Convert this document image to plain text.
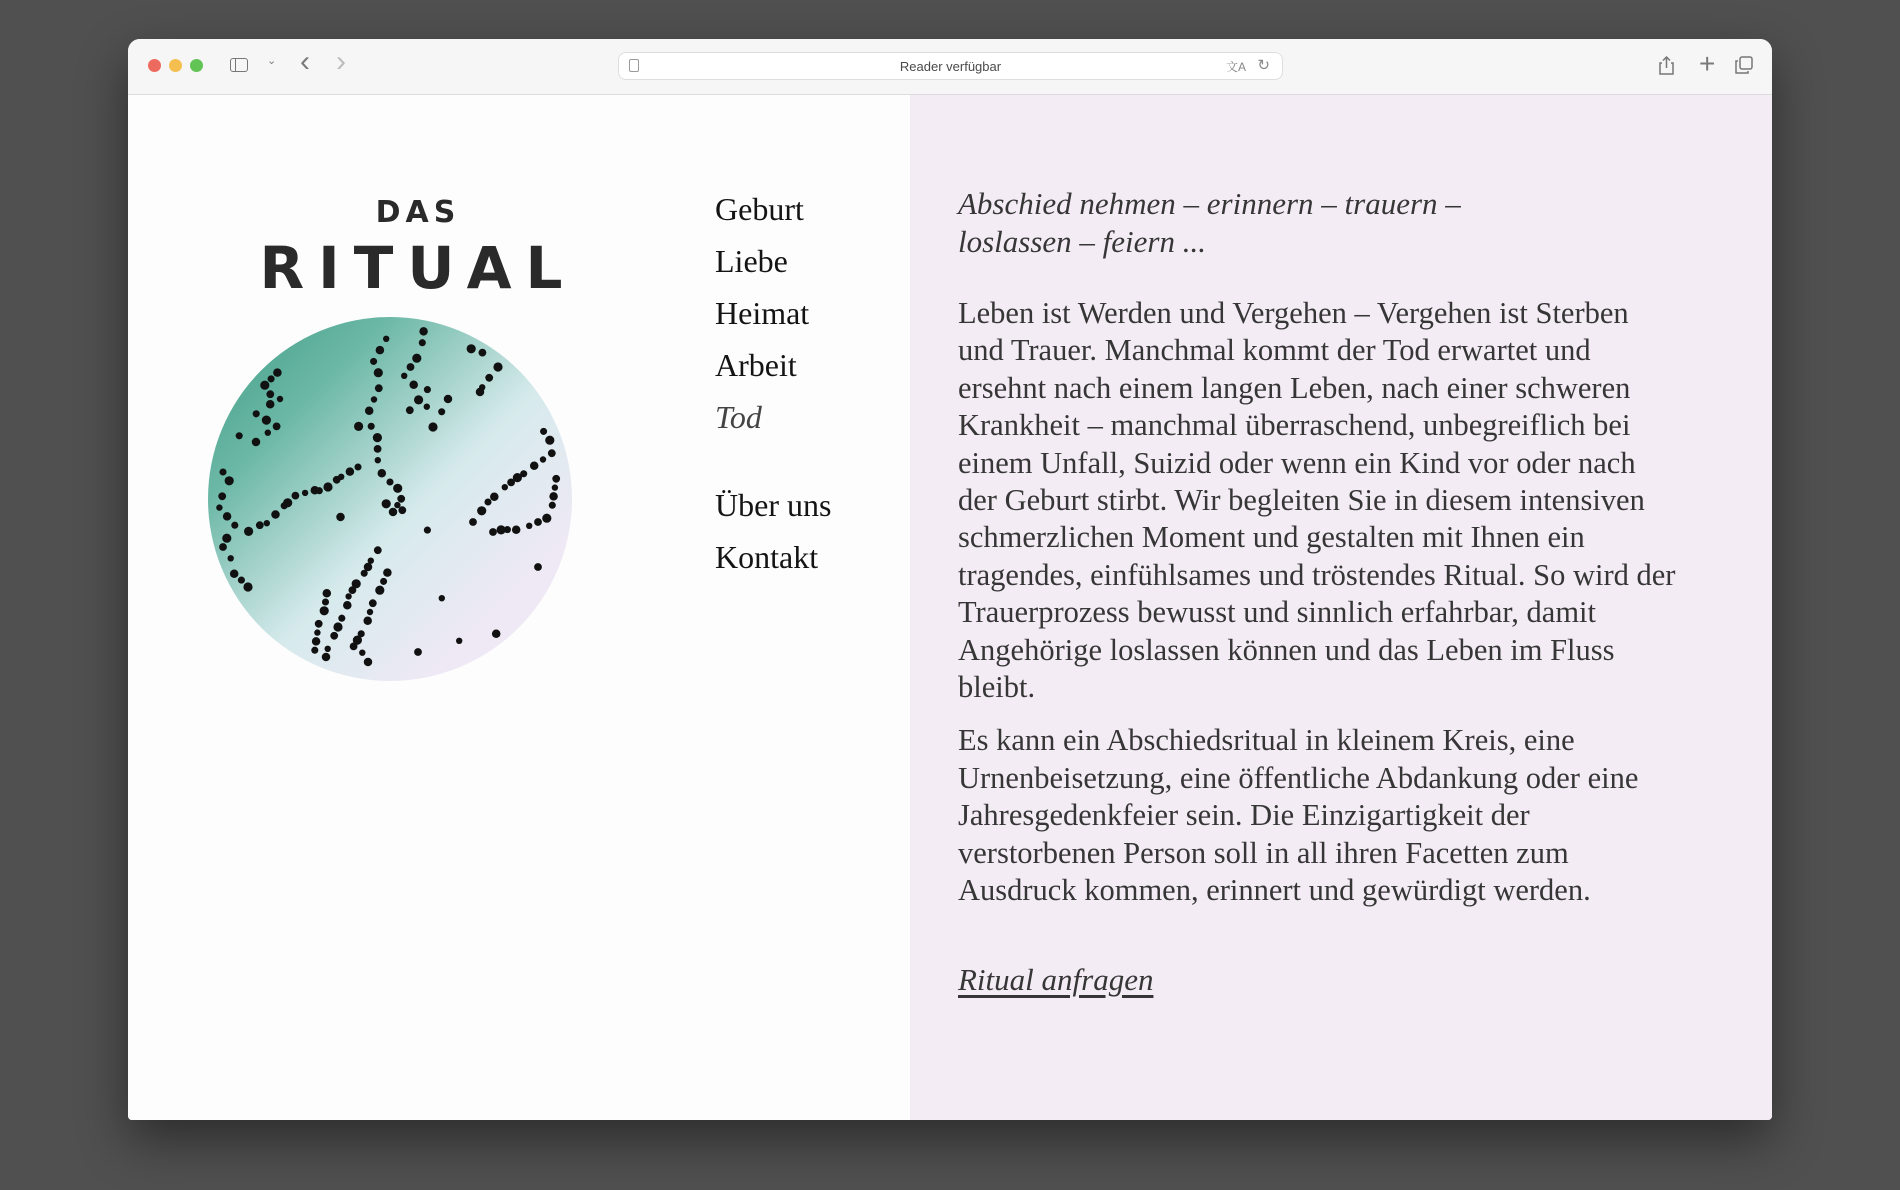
⌄ ‹ ›	Reader verfügbar	文A ↻	+
DAS
RITUAL
Geburt
Liebe
Heimat
Arbeit
Tod
Über uns
Kontakt

Abschied nehmen – erinnern – trauern – loslassen – feiern ...

Leben ist Werden und Vergehen – Vergehen ist Sterben und Trauer. Manchmal kommt der Tod erwartet und ersehnt nach einem langen Leben, nach einer schweren Krankheit – manchmal überraschend, unbegreiflich bei einem Unfall, Suizid oder wenn ein Kind vor oder nach der Geburt stirbt. Wir begleiten Sie in diesem intensiven schmerzlichen Moment und gestalten mit Ihnen ein tragendes, einfühlsames und tröstendes Ritual. So wird der Trauerprozess bewusst und sinnlich erfahrbar, damit Angehörige loslassen können und das Leben im Fluss bleibt.

Es kann ein Abschiedsritual in kleinem Kreis, eine Urnenbeisetzung, eine öffentliche Abdankung oder eine Jahresgedenkfeier sein. Die Einzigartigkeit der verstorbenen Person soll in all ihren Facetten zum Ausdruck kommen, erinnert und gewürdigt werden.

Ritual anfragen
